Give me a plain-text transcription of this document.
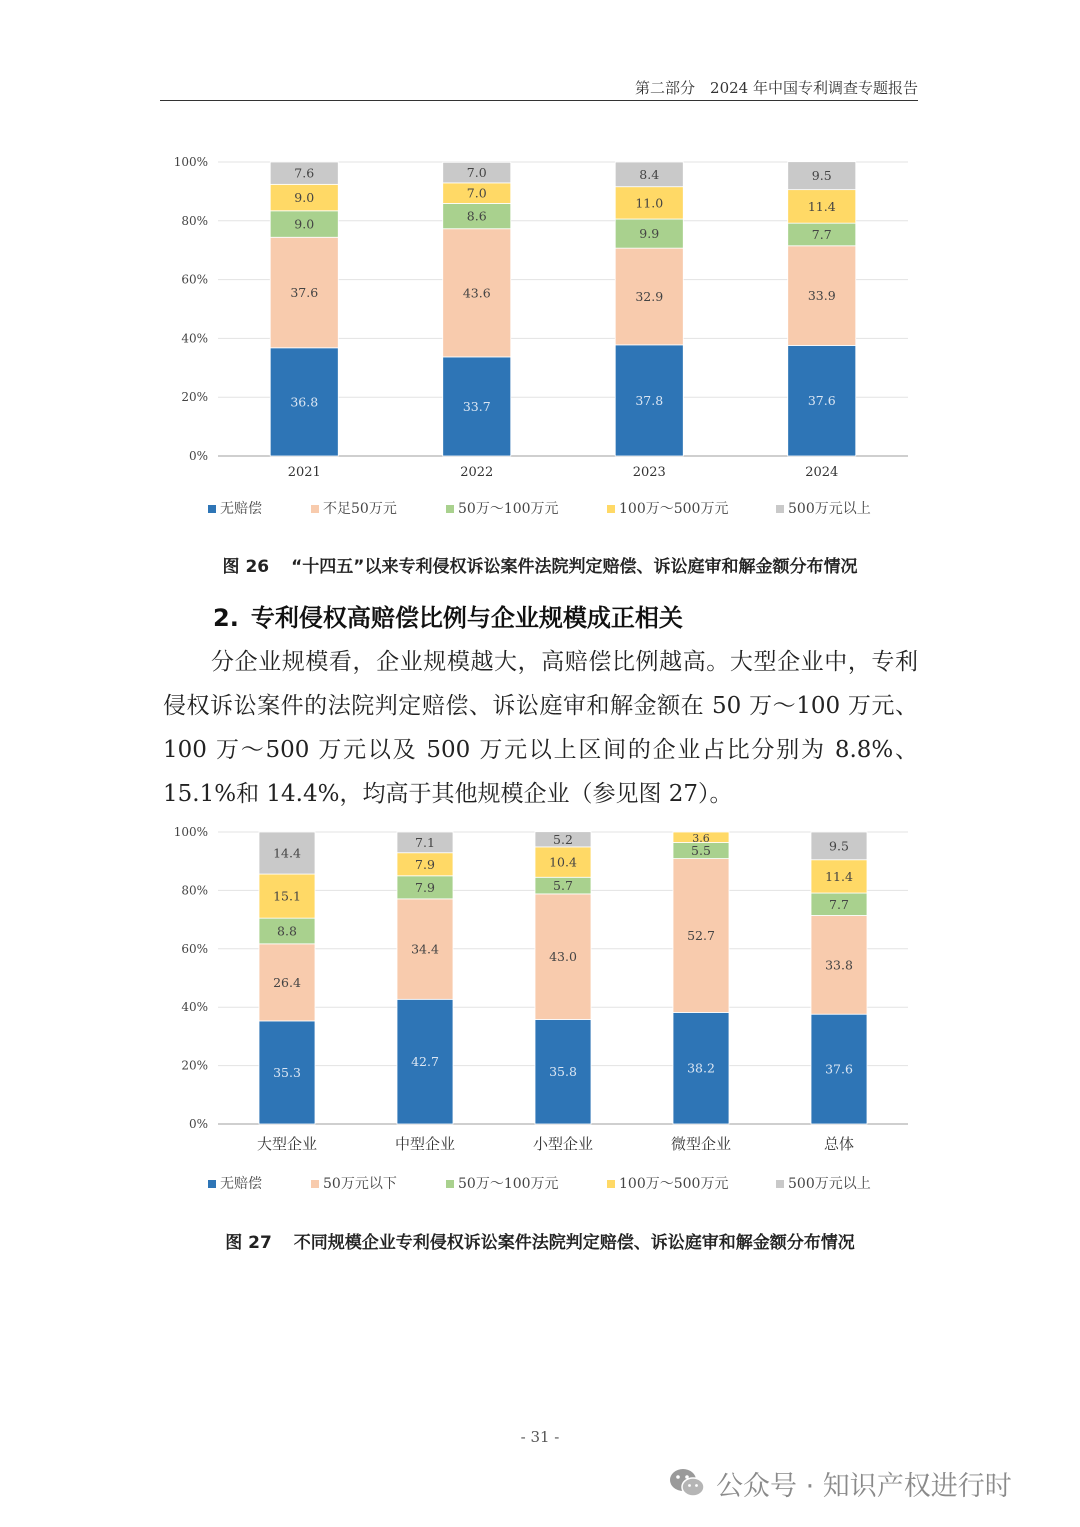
第二部分　2024 年中国专利调查专题报告
0%
20%
40%
60%
80%
100%
36.8
37.6
9.0
9.0
7.6
2021
33.7
43.6
8.6
7.0
7.0
2022
37.8
32.9
9.9
11.0
8.4
2023
37.6
33.9
7.7
11.4
9.5
2024
无赔偿	不足50万元	50万～100万元	100万～500万元	500万元以上
图 26 “十四五”以来专利侵权诉讼案件法院判定赔偿、诉讼庭审和解金额分布情况
2. 专利侵权高赔偿比例与企业规模成正相关
分企业规模看，企业规模越大，高赔偿比例越高。大型企业中，专利侵权诉讼案件的法院判定赔偿、诉讼庭审和解金额在 50 万～100 万元、100 万～500 万元以及 500 万元以上区间的企业占比分别为 8.8%、15.1%和 14.4%，均高于其他规模企业（参见图 27）。
0%
20%
40%
60%
80%
100%
35.3
26.4
8.8
15.1
14.4
大型企业
42.7
34.4
7.9
7.9
7.1
中型企业
35.8
43.0
5.7
10.4
5.2
小型企业
38.2
52.7
5.5
3.6
微型企业
37.6
33.8
7.7
11.4
9.5
总体
无赔偿	50万元以下	50万～100万元	100万～500万元	500万元以上
图 27 不同规模企业专利侵权诉讼案件法院判定赔偿、诉讼庭审和解金额分布情况
- 31 -
公众号 · 知识产权进行时
